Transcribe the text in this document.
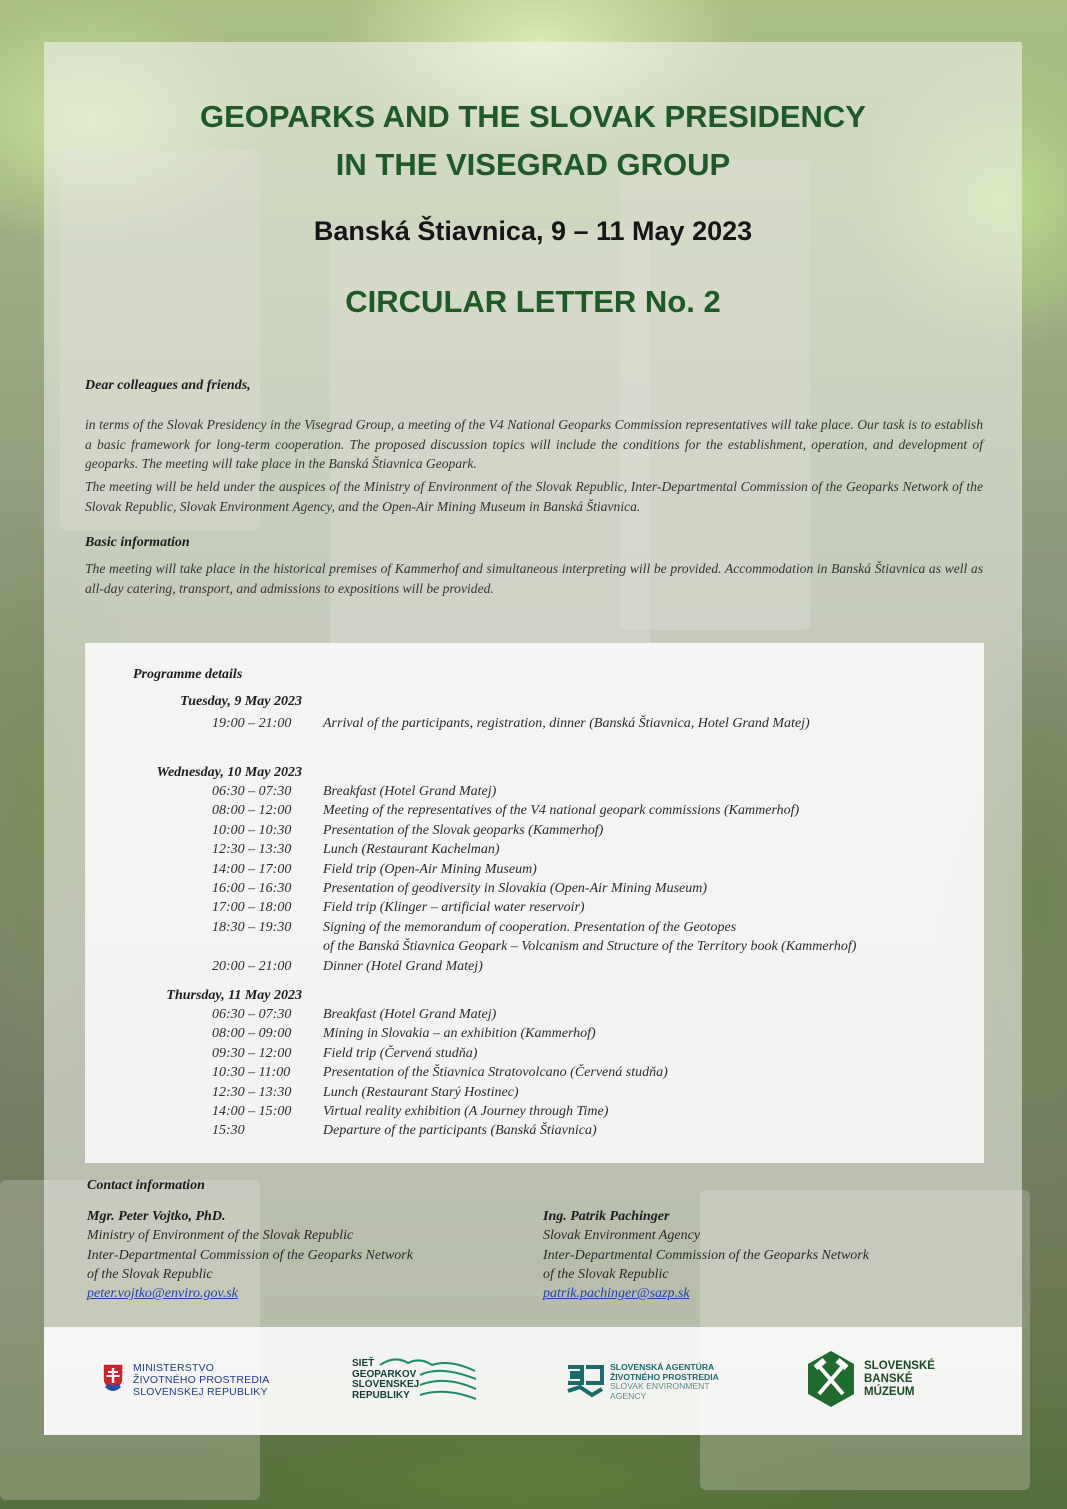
GEOPARKS AND THE SLOVAK PRESIDENCY
IN THE VISEGRAD GROUP
Banská Štiavnica, 9 – 11 May 2023
CIRCULAR LETTER No. 2
Dear colleagues and friends,
in terms of the Slovak Presidency in the Visegrad Group, a meeting of the V4 National Geoparks Commission representatives will take place. Our task is to establish a basic framework for long-term cooperation. The proposed discussion topics will include the conditions for the establishment, operation, and development of geoparks. The meeting will take place in the Banská Štiavnica Geopark.
The meeting will be held under the auspices of the Ministry of Environment of the Slovak Republic, Inter-Departmental Commission of the Geoparks Network of the Slovak Republic, Slovak Environment Agency, and the Open-Air Mining Museum in Banská Štiavnica.
Basic information
The meeting will take place in the historical premises of Kammerhof and simultaneous interpreting will be provided. Accommodation in Banská Štiavnica as well as all-day catering, transport, and admissions to expositions will be provided.
Programme details
Tuesday, 9 May 2023
19:00 – 21:00	Arrival of the participants, registration, dinner (Banská Štiavnica, Hotel Grand Matej)
Wednesday, 10 May 2023
06:30 – 07:30	Breakfast (Hotel Grand Matej)
08:00 – 12:00	Meeting of the representatives of the V4 national geopark commissions (Kammerhof)
10:00 – 10:30	Presentation of the Slovak geoparks (Kammerhof)
12:30 – 13:30	Lunch (Restaurant Kachelman)
14:00 – 17:00	Field trip (Open-Air Mining Museum)
16:00 – 16:30	Presentation of geodiversity in Slovakia (Open-Air Mining Museum)
17:00 – 18:00	Field trip (Klinger – artificial water reservoir)
18:30 – 19:30	Signing of the memorandum of cooperation. Presentation of the Geotopes
of the Banská Štiavnica Geopark – Volcanism and Structure of the Territory book (Kammerhof)
20:00 – 21:00	Dinner (Hotel Grand Matej)
Thursday, 11 May 2023
06:30 – 07:30	Breakfast (Hotel Grand Matej)
08:00 – 09:00	Mining in Slovakia – an exhibition (Kammerhof)
09:30 – 12:00	Field trip (Červená studňa)
10:30 – 11:00	Presentation of the Štiavnica Stratovolcano (Červená studňa)
12:30 – 13:30	Lunch (Restaurant Starý Hostinec)
14:00 – 15:00	Virtual reality exhibition (A Journey through Time)
15:30	Departure of the participants (Banská Štiavnica)
Contact information
Mgr. Peter Vojtko, PhD.
Ministry of Environment of the Slovak Republic
Inter-Departmental Commission of the Geoparks Network
of the Slovak Republic
peter.vojtko@enviro.gov.sk
Ing. Patrik Pachinger
Slovak Environment Agency
Inter-Departmental Commission of the Geoparks Network
of the Slovak Republic
patrik.pachinger@sazp.sk
MINISTERSTVO
ŽIVOTNÉHO PROSTREDIA
SLOVENSKEJ REPUBLIKY
SIEŤ
GEOPARKOV
SLOVENSKEJ
REPUBLIKY
SLOVENSKÁ AGENTÚRA
ŽIVOTNÉHO PROSTREDIA
SLOVAK ENVIRONMENT
AGENCY
SLOVENSKÉ
BANSKÉ
MÚZEUM
